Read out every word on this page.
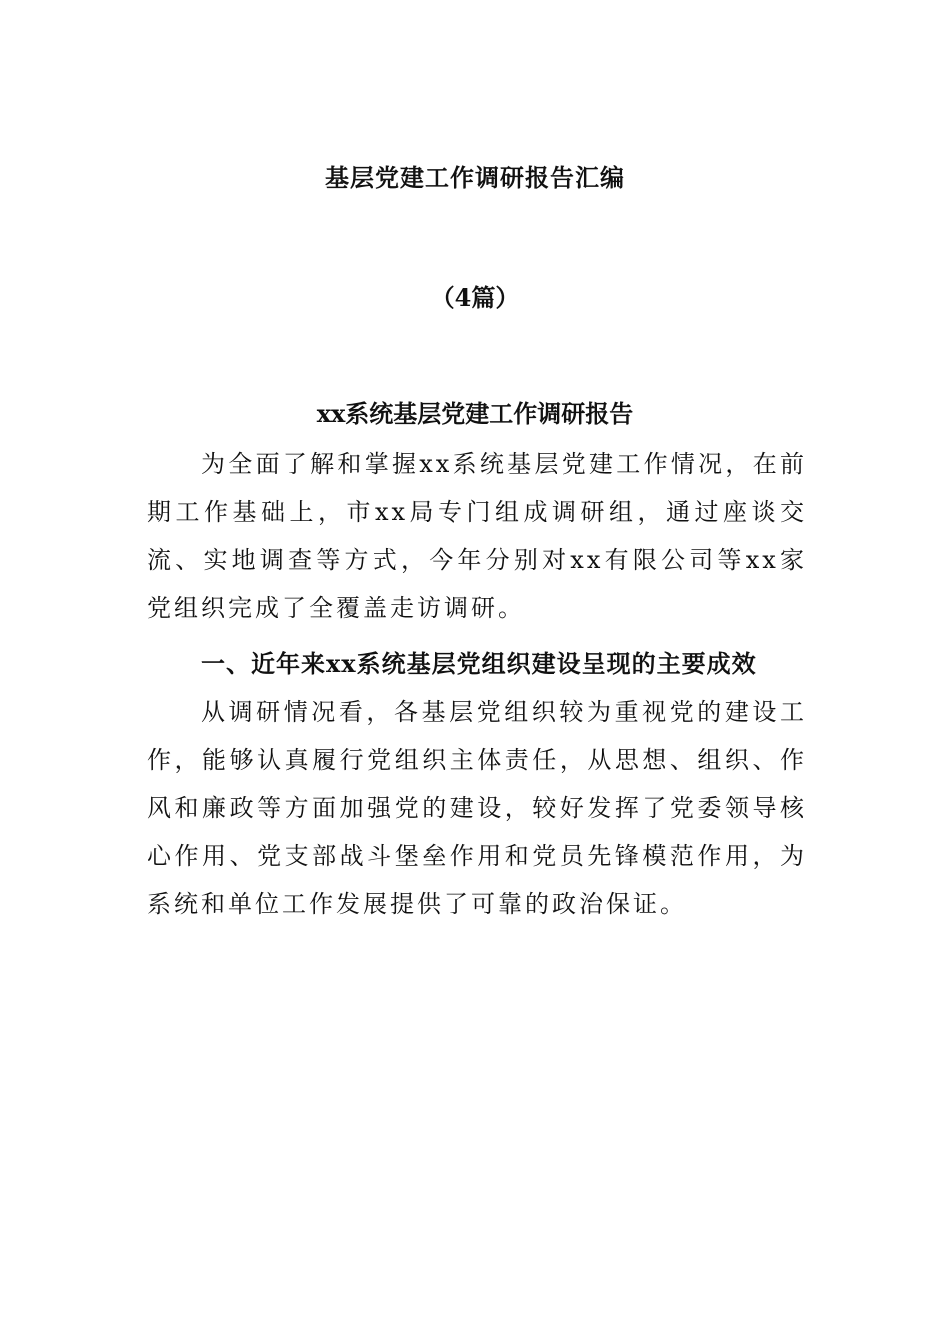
基层党建工作调研报告汇编
（4篇）
xx系统基层党建工作调研报告
为全面了解和掌握xx系统基层党建工作情况，在前期工作基础上，市xx局专门组成调研组，通过座谈交流、实地调查等方式，今年分别对xx有限公司等xx家党组织完成了全覆盖走访调研。
一、近年来xx系统基层党组织建设呈现的主要成效
从调研情况看，各基层党组织较为重视党的建设工作，能够认真履行党组织主体责任，从思想、组织、作风和廉政等方面加强党的建设，较好发挥了党委领导核心作用、党支部战斗堡垒作用和党员先锋模范作用，为系统和单位工作发展提供了可靠的政治保证。
